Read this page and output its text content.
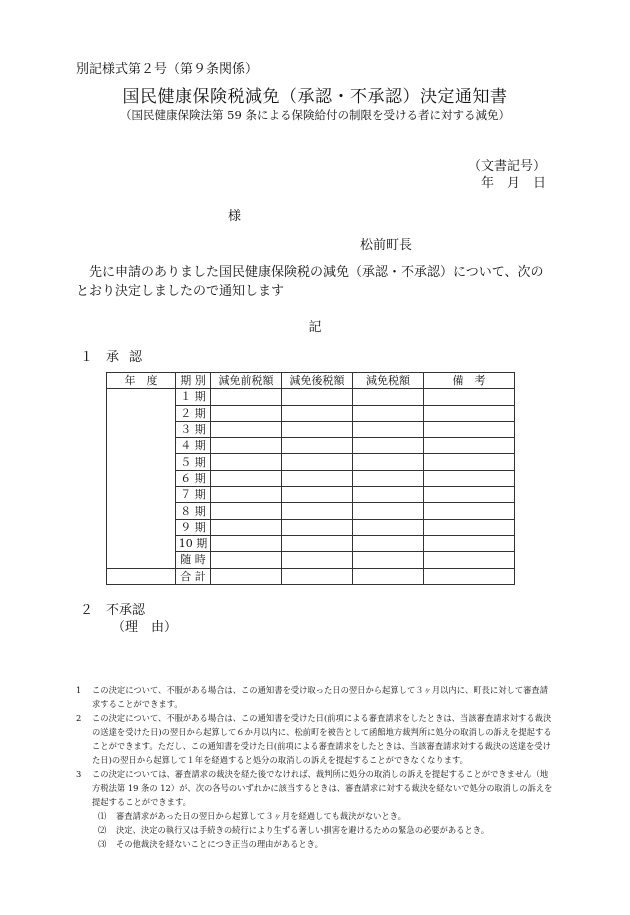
別記様式第２号（第９条関係）
国民健康保険税減免（承認・不承認）決定通知書
（国民健康保険法第 59 条による保険給付の制限を受ける者に対する減免）
（文書記号）
年　月　日
様
松前町長
先に申請のありました国民健康保険税の減免（承認・不承認）について、次のとおり決定しましたので通知します
記
１ 承認
年　度	期 別	減免前税額	減免後税額	減免税額	備　考
	１ 期				
	２ 期				
	３ 期				
	４ 期				
	５ 期				
	６ 期				
	７ 期				
	８ 期				
	９ 期				
	10 期				
	随 時				
	合 計				
２ 不承認
（理　由）
1 この決定について、不服がある場合は、この通知書を受け取った日の翌日から起算して３ヶ月以内に、町長に対して審査請求することができます。
2 この決定について、不服がある場合は、この通知書を受けた日(前項による審査請求をしたときは、当該審査請求対する裁決の送達を受けた日)の翌日から起算して６か月以内に、松前町を被告として函館地方裁判所に処分の取消しの訴えを提起することができます。ただし、この通知書を受けた日(前項による審査請求をしたときは、当該審査請求対する裁決の送達を受けた日)の翌日から起算して１年を経過すると処分の取消しの訴えを提起することができなくなります。
3 この決定については、審査請求の裁決を経た後でなければ、裁判所に処分の取消しの訴えを提起することができません（地方税法第 19 条の 12）が、次の各号のいずれかに該当するときは、審査請求に対する裁決を経ないで処分の取消しの訴えを提起することができます。
⑴ 審査請求があった日の翌日から起算して３ヶ月を経過しても裁決がないとき。
⑵ 決定、決定の執行又は手続きの続行により生ずる著しい損害を避けるための緊急の必要があるとき。
⑶ その他裁決を経ないことにつき正当の理由があるとき。
